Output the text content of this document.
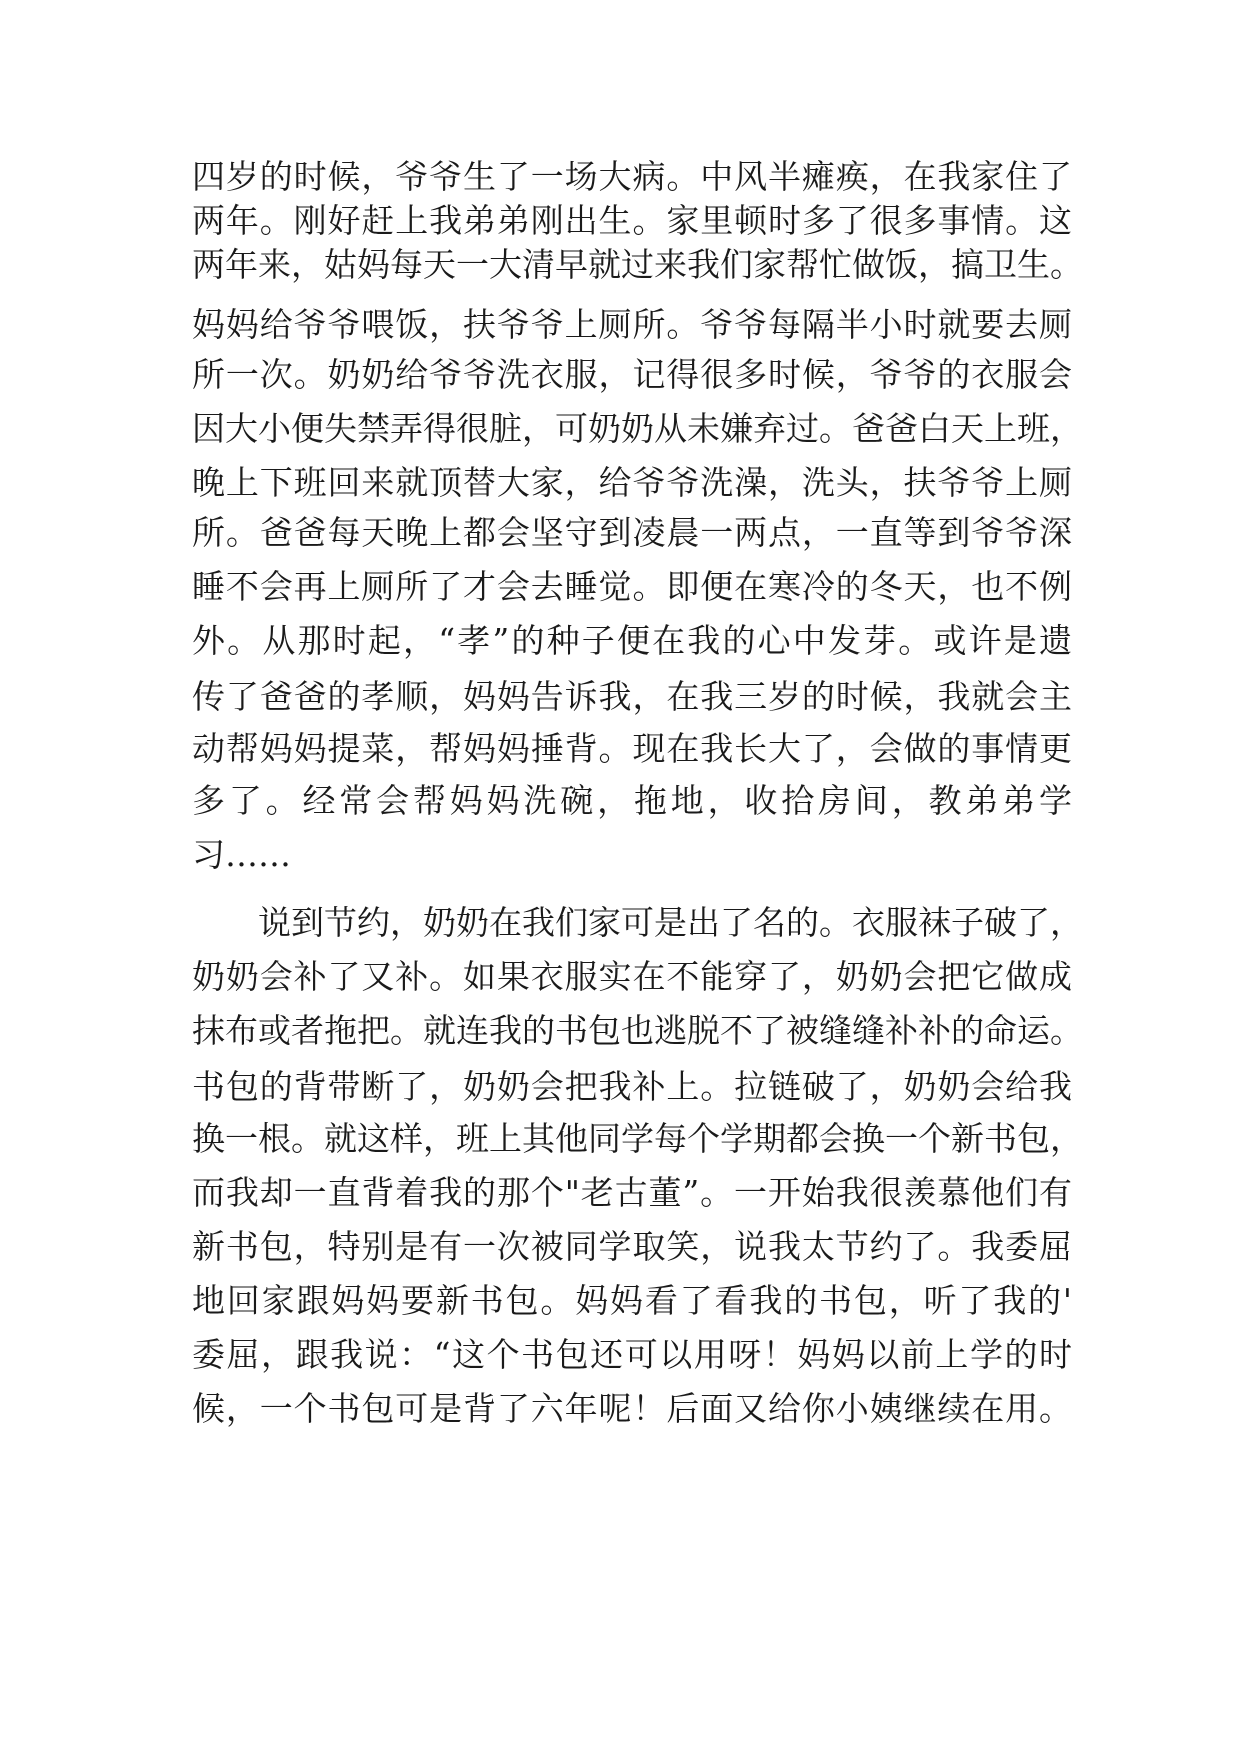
四岁的时候，爷爷生了一场大病。中风半瘫痪，在我家住了
两年。刚好赶上我弟弟刚出生。家里顿时多了很多事情。这
两年来，姑妈每天一大清早就过来我们家帮忙做饭，搞卫生。
妈妈给爷爷喂饭，扶爷爷上厕所。爷爷每隔半小时就要去厕
所一次。奶奶给爷爷洗衣服，记得很多时候，爷爷的衣服会
因大小便失禁弄得很脏，可奶奶从未嫌弃过。爸爸白天上班，
晚上下班回来就顶替大家，给爷爷洗澡，洗头，扶爷爷上厕
所。爸爸每天晚上都会坚守到凌晨一两点，一直等到爷爷深
睡不会再上厕所了才会去睡觉。即便在寒冷的冬天，也不例
外。从那时起，“孝”的种子便在我的心中发芽。或许是遗
传了爸爸的孝顺，妈妈告诉我，在我三岁的时候，我就会主
动帮妈妈提菜，帮妈妈捶背。现在我长大了，会做的事情更
多了。经常会帮妈妈洗碗，拖地，收拾房间，教弟弟学
习……
说到节约，奶奶在我们家可是出了名的。衣服袜子破了，
奶奶会补了又补。如果衣服实在不能穿了，奶奶会把它做成
抹布或者拖把。就连我的书包也逃脱不了被缝缝补补的命运。
书包的背带断了，奶奶会把我补上。拉链破了，奶奶会给我
换一根。就这样，班上其他同学每个学期都会换一个新书包，
而我却一直背着我的那个"老古董”。一开始我很羡慕他们有
新书包，特别是有一次被同学取笑，说我太节约了。我委屈
地回家跟妈妈要新书包。妈妈看了看我的书包，听了我的'
委屈，跟我说：“这个书包还可以用呀！妈妈以前上学的时
候，一个书包可是背了六年呢！后面又给你小姨继续在用。
